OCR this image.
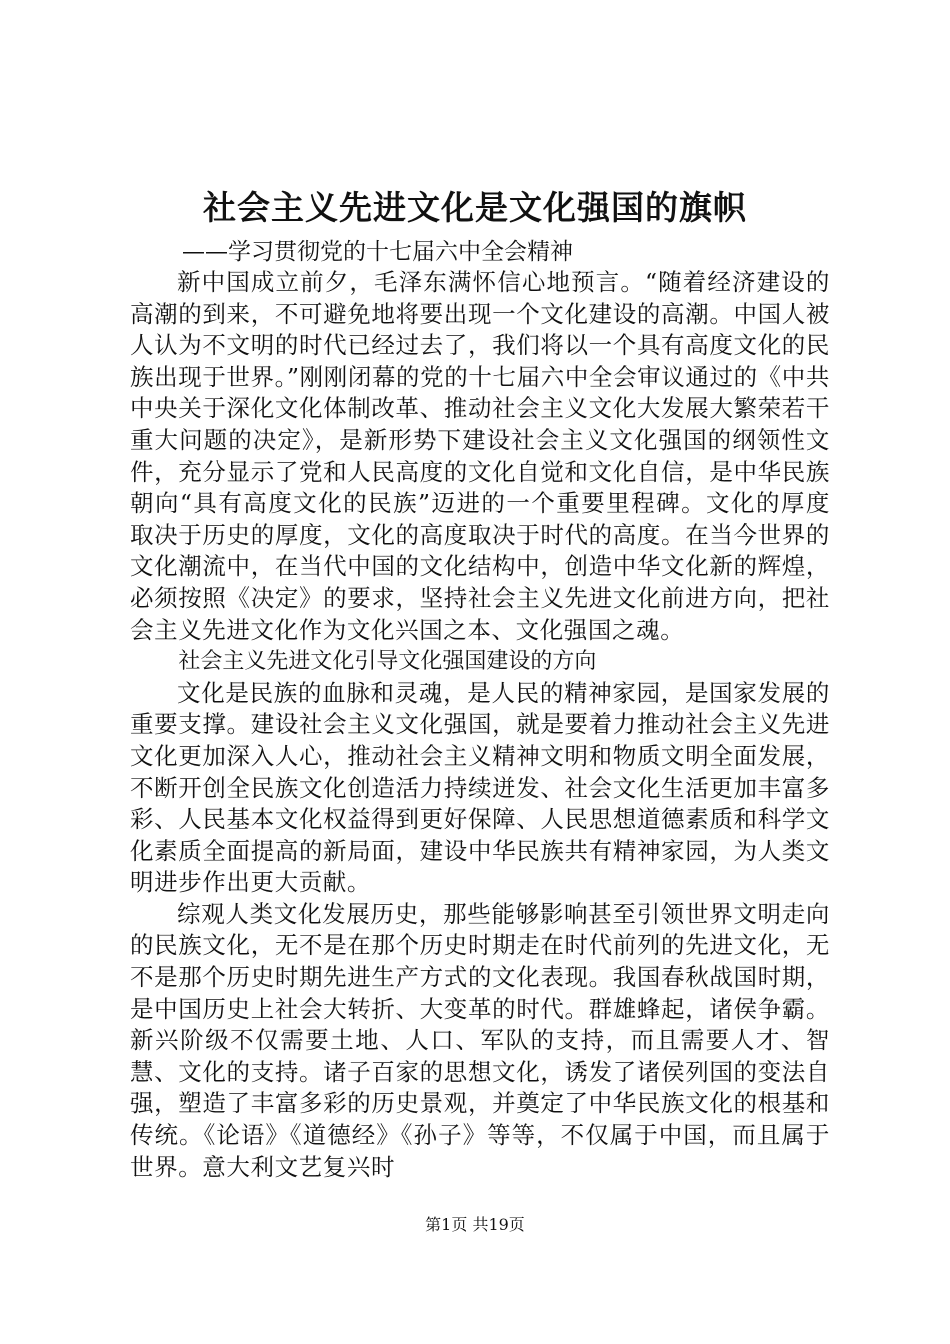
社会主义先进文化是文化强国的旗帜

——学习贯彻党的十七届六中全会精神

新中国成立前夕，毛泽东满怀信心地预言。“随着经济建设的高潮的到来，不可避免地将要出现一个文化建设的高潮。中国人被人认为不文明的时代已经过去了，我们将以一个具有高度文化的民族出现于世界。”刚刚闭幕的党的十七届六中全会审议通过的《中共中央关于深化文化体制改革、推动社会主义文化大发展大繁荣若干重大问题的决定》，是新形势下建设社会主义文化强国的纲领性文件，充分显示了党和人民高度的文化自觉和文化自信，是中华民族朝向“具有高度文化的民族”迈进的一个重要里程碑。文化的厚度取决于历史的厚度，文化的高度取决于时代的高度。在当今世界的文化潮流中，在当代中国的文化结构中，创造中华文化新的辉煌，必须按照《决定》的要求，坚持社会主义先进文化前进方向，把社会主义先进文化作为文化兴国之本、文化强国之魂。

社会主义先进文化引导文化强国建设的方向

文化是民族的血脉和灵魂，是人民的精神家园，是国家发展的重要支撑。建设社会主义文化强国，就是要着力推动社会主义先进文化更加深入人心，推动社会主义精神文明和物质文明全面发展，不断开创全民族文化创造活力持续迸发、社会文化生活更加丰富多彩、人民基本文化权益得到更好保障、人民思想道德素质和科学文化素质全面提高的新局面，建设中华民族共有精神家园，为人类文明进步作出更大贡献。

综观人类文化发展历史，那些能够影响甚至引领世界文明走向的民族文化，无不是在那个历史时期走在时代前列的先进文化，无不是那个历史时期先进生产方式的文化表现。我国春秋战国时期，是中国历史上社会大转折、大变革的时代。群雄蜂起，诸侯争霸。新兴阶级不仅需要土地、人口、军队的支持，而且需要人才、智慧、文化的支持。诸子百家的思想文化，诱发了诸侯列国的变法自强，塑造了丰富多彩的历史景观，并奠定了中华民族文化的根基和传统。《论语》《道德经》《孙子》等等，不仅属于中国，而且属于世界。意大利文艺复兴时

第1页 共19页
